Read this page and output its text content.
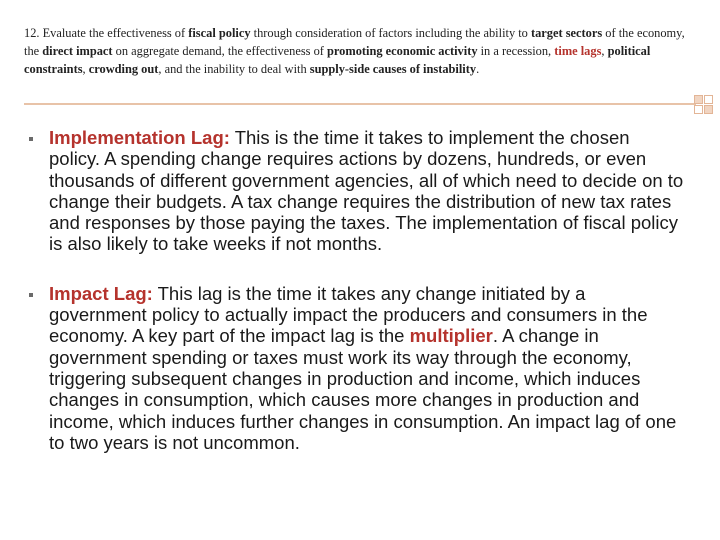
12. Evaluate the effectiveness of fiscal policy through consideration of factors including the ability to target sectors of the economy, the direct impact on aggregate demand, the effectiveness of promoting economic activity in a recession, time lags, political constraints, crowding out, and the inability to deal with supply-side causes of instability.
Implementation Lag: This is the time it takes to implement the chosen policy. A spending change requires actions by dozens, hundreds, or even thousands of different government agencies, all of which need to decide on to change their budgets. A tax change requires the distribution of new tax rates and responses by those paying the taxes. The implementation of fiscal policy is also likely to take weeks if not months.
Impact Lag: This lag is the time it takes any change initiated by a government policy to actually impact the producers and consumers in the economy. A key part of the impact lag is the multiplier. A change in government spending or taxes must work its way through the economy, triggering subsequent changes in production and income, which induces changes in consumption, which causes more changes in production and income, which induces further changes in consumption. An impact lag of one to two years is not uncommon.
